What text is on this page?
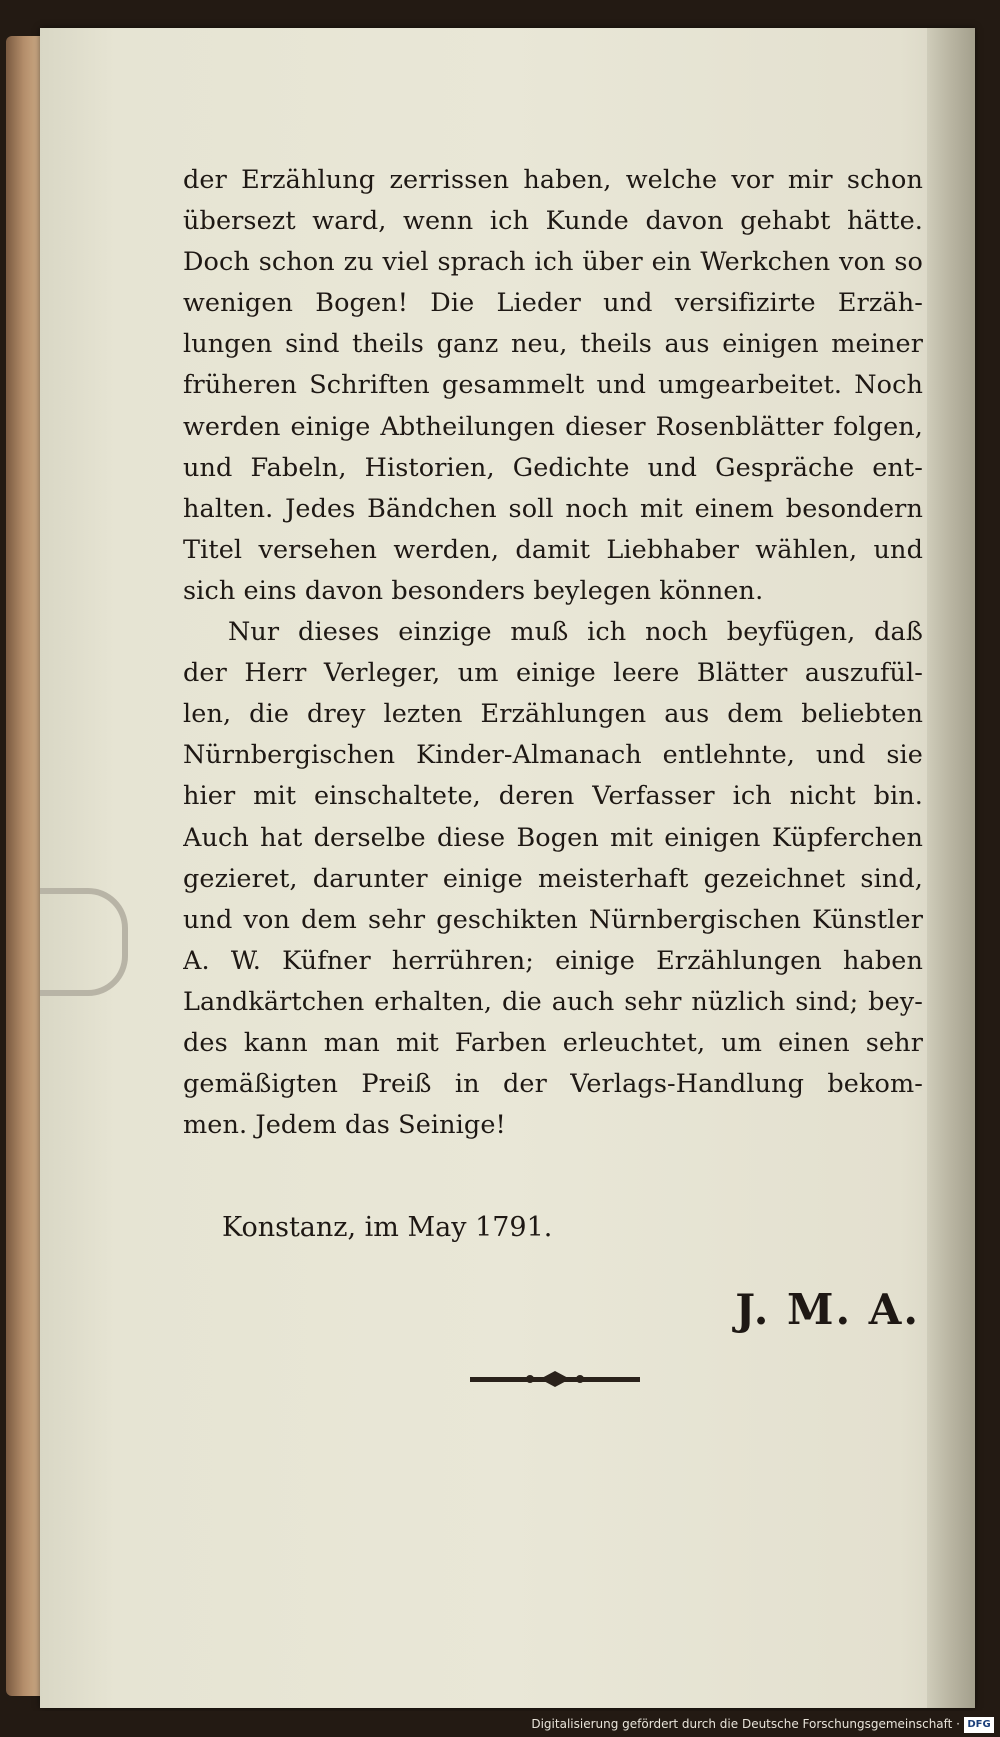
der Erzählung zerrissen haben, welche vor mir schon
übersezt ward, wenn ich Kunde davon gehabt hätte.
Doch schon zu viel sprach ich über ein Werkchen von so
wenigen Bogen! Die Lieder und versifizirte Erzäh-
lungen sind theils ganz neu, theils aus einigen meiner
früheren Schriften gesammelt und umgearbeitet. Noch
werden einige Abtheilungen dieser Rosenblätter folgen,
und Fabeln, Historien, Gedichte und Gespräche ent-
halten. Jedes Bändchen soll noch mit einem besondern
Titel versehen werden, damit Liebhaber wählen, und
sich eins davon besonders beylegen können.
Nur dieses einzige muß ich noch beyfügen, daß
der Herr Verleger, um einige leere Blätter auszufül-
len, die drey lezten Erzählungen aus dem beliebten
Nürnbergischen Kinder-Almanach entlehnte, und sie
hier mit einschaltete, deren Verfasser ich nicht bin.
Auch hat derselbe diese Bogen mit einigen Küpferchen
gezieret, darunter einige meisterhaft gezeichnet sind,
und von dem sehr geschikten Nürnbergischen Künstler
A. W. Küfner herrühren; einige Erzählungen haben
Landkärtchen erhalten, die auch sehr nüzlich sind; bey-
des kann man mit Farben erleuchtet, um einen sehr
gemäßigten Preiß in der Verlags-Handlung bekom-
men. Jedem das Seinige!
Konstanz, im May 1791.
J. M. A.
Digitalisierung gefördert durch die Deutsche Forschungsgemeinschaft · DFG
